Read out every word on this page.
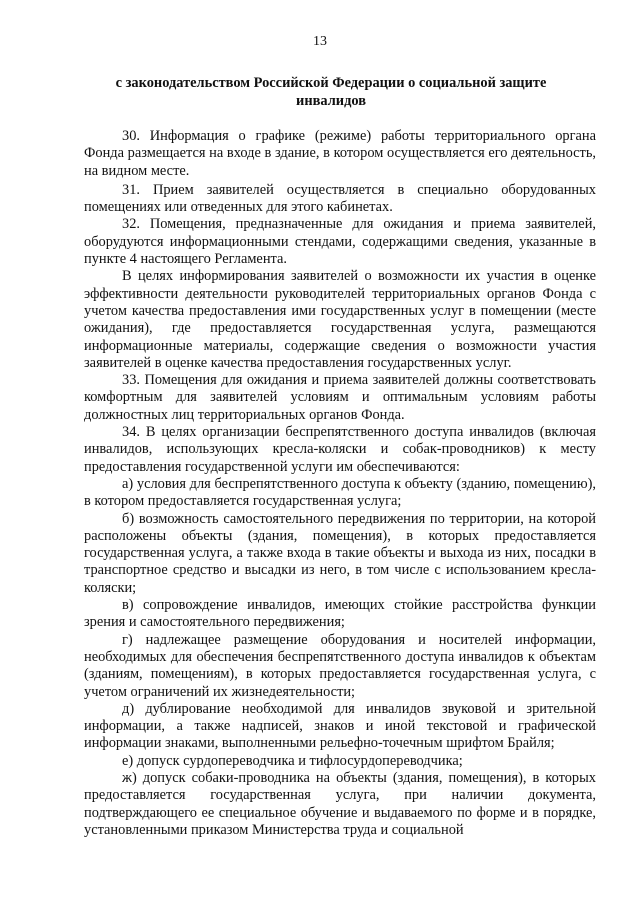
13
с законодательством Российской Федерации о социальной защите инвалидов

30. Информация о графике (режиме) работы территориального органа Фонда размещается на входе в здание, в котором осуществляется его деятельность, на видном месте.

31. Прием заявителей осуществляется в специально оборудованных помещениях или отведенных для этого кабинетах.

32. Помещения, предназначенные для ожидания и приема заявителей, оборудуются информационными стендами, содержащими сведения, указанные в пункте 4 настоящего Регламента.

В целях информирования заявителей о возможности их участия в оценке эффективности деятельности руководителей территориальных органов Фонда с учетом качества предоставления ими государственных услуг в помещении (месте ожидания), где предоставляется государственная услуга, размещаются информационные материалы, содержащие сведения о возможности участия заявителей в оценке качества предоставления государственных услуг.

33. Помещения для ожидания и приема заявителей должны соответствовать комфортным для заявителей условиям и оптимальным условиям работы должностных лиц территориальных органов Фонда.

34. В целях организации беспрепятственного доступа инвалидов (включая инвалидов, использующих кресла-коляски и собак-проводников) к месту предоставления государственной услуги им обеспечиваются:

а) условия для беспрепятственного доступа к объекту (зданию, помещению), в котором предоставляется государственная услуга;

б) возможность самостоятельного передвижения по территории, на которой расположены объекты (здания, помещения), в которых предоставляется государственная услуга, а также входа в такие объекты и выхода из них, посадки в транспортное средство и высадки из него, в том числе с использованием кресла-коляски;

в) сопровождение инвалидов, имеющих стойкие расстройства функции зрения и самостоятельного передвижения;

г) надлежащее размещение оборудования и носителей информации, необходимых для обеспечения беспрепятственного доступа инвалидов к объектам (зданиям, помещениям), в которых предоставляется государственная услуга, с учетом ограничений их жизнедеятельности;

д) дублирование необходимой для инвалидов звуковой и зрительной информации, а также надписей, знаков и иной текстовой и графической информации знаками, выполненными рельефно-точечным шрифтом Брайля;

е) допуск сурдопереводчика и тифлосурдопереводчика;

ж) допуск собаки-проводника на объекты (здания, помещения), в которых предоставляется государственная услуга, при наличии документа, подтверждающего ее специальное обучение и выдаваемого по форме и в порядке, установленными приказом Министерства труда и социальной
